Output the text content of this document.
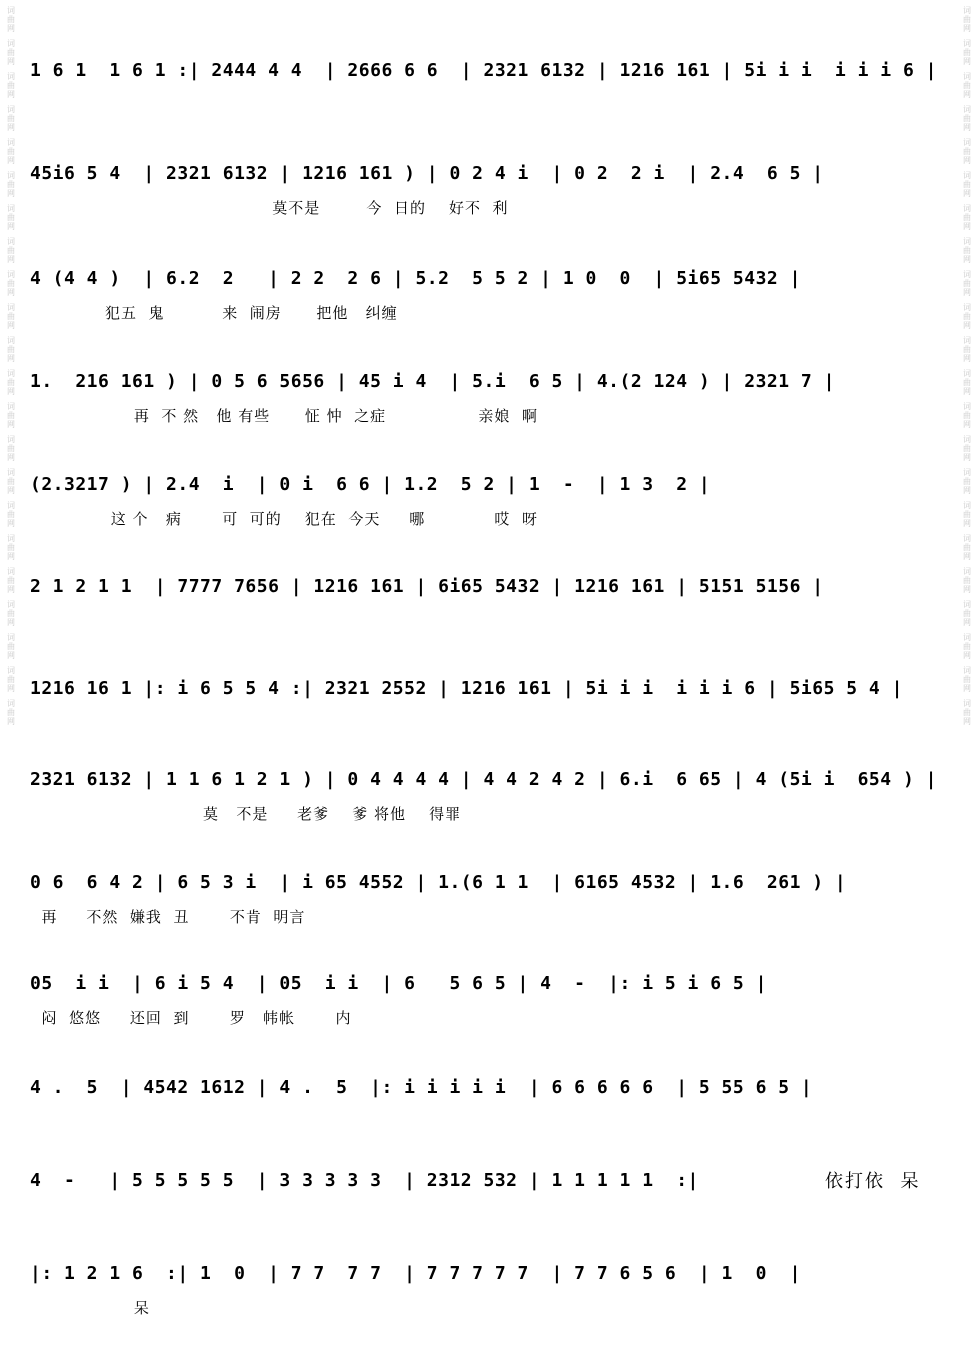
词
曲
网
词
曲
网
词
曲
网
词
曲
网
词
曲
网
词
曲
网
词
曲
网
词
曲
网
词
曲
网
词
曲
网
词
曲
网
词
曲
网
词
曲
网
词
曲
网
词
曲
网
词
曲
网
词
曲
网
词
曲
网
词
曲
网
词
曲
网
词
曲
网
词
曲
网
词
曲
网
词
曲
网
词
曲
网
词
曲
网
词
曲
网
词
曲
网
词
曲
网
词
曲
网
词
曲
网
词
曲
网
词
曲
网
词
曲
网
词
曲
网
词
曲
网
词
曲
网
词
曲
网
词
曲
网
词
曲
网
词
曲
网
词
曲
网
词
曲
网
词
曲
网
1 6 1  1 6 1 :| 2444 4 4  | 2666 6 6  | 2321 6132 | 1216 161 | 5i i i  i i i 6 |
45i6 5 4  | 2321 6132 | 1216 161 ) | 0 2 4 i  | 0 2  2 i  | 2.4  6 5 |
莫不是        今  日的    好不  利
4 (4 4 )  | 6.2  2   | 2 2  2 6 | 5.2  5 5 2 | 1 0  0  | 5i65 5432 |
犯五  鬼          来  闹房      把他   纠缠
1.  216 161 ) | 0 5 6 5656 | 45 i 4  | 5.i  6 5 | 4.(2 124 ) | 2321 7 |
再  不 然   他 有些      怔 忡  之症                亲娘  啊
(2.3217 ) | 2.4  i  | 0 i  6 6 | 1.2  5 2 | 1  -  | 1 3  2 |
这 个   病       可  可的    犯在  今天     哪            哎  呀
2 1 2 1 1  | 7777 7656 | 1216 161 | 6i65 5432 | 1216 161 | 5151 5156 |
1216 16 1 |: i 6 5 5 4 :| 2321 2552 | 1216 161 | 5i i i  i i i 6 | 5i65 5 4 |
2321 6132 | 1 1 6 1 2 1 ) | 0 4 4 4 4 | 4 4 2 4 2 | 6.i  6 65 | 4 (5i i  654 ) |
莫   不是     老爹    爹 将他    得罪
0 6  6 4 2 | 6 5 3 i  | i 65 4552 | 1.(6 1 1  | 6165 4532 | 1.6  261 ) |
再     不然  嫌我  丑       不肯  明言
05  i i  | 6 i 5 4  | 05  i i  | 6   5 6 5 | 4  -  |: i 5 i 6 5 |
闷  悠悠     还回  到       罗   帏帐       内
4 .  5  | 4542 1612 | 4 .  5  |: i i i i i  | 6 6 6 6 6  | 5 55 6 5 |
4  -   | 5 5 5 5 5  | 3 3 3 3 3  | 2312 532 | 1 1 1 1 1  :|	依打依  呆
|: 1 2 1 6  :| 1  0  | 7 7  7 7  | 7 7 7 7 7  | 7 7 6 5 6  | 1  0  |
呆
